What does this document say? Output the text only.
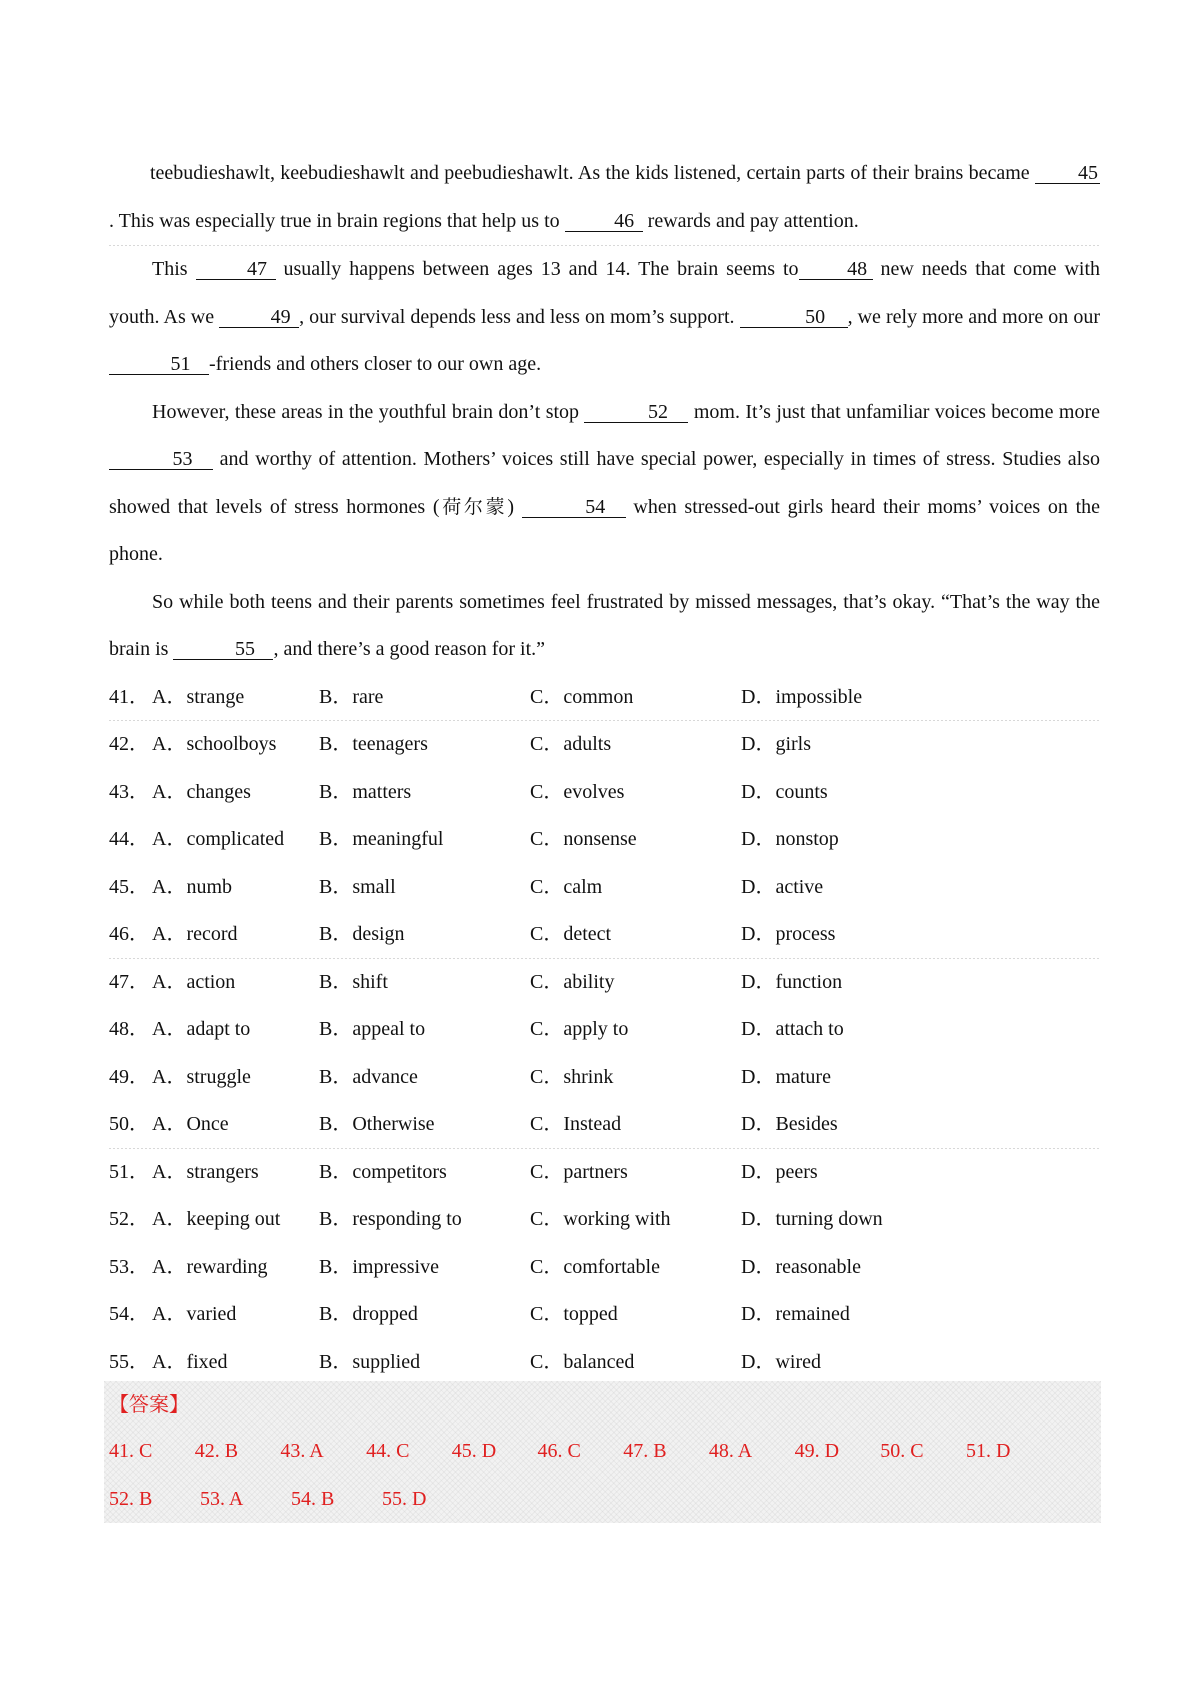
teebudieshawlt, keebudieshawlt and peebudieshawlt. As the kids listened, certain parts of their brains became 45. This was especially true in brain regions that help us to	46 rewards and pay attention.

This	47 usually happens between ages 13 and 14. The brain seems to 48 new needs that come with youth. As we	49 , our survival depends less and less on mom’s support.	50 , we rely more and more on our 51 -friends and others closer to our own age.

However, these areas in the youthful brain don’t stop	52 mom. It’s just that unfamiliar voices become more 53 and worthy of attention. Mothers’ voices still have special power, especially in times of stress. Studies also showed that levels of stress hormones (荷尔蒙)	54 when stressed-out girls heard their moms’ voices on the phone.

So while both teens and their parents sometimes feel frustrated by missed messages, that’s okay. “That’s the way the brain is	55 , and there’s a good reason for it.”

41． A．strange	B．rare	C．common	D．impossible
42． A．schoolboys B．teenagers	C．adults	D．girls
43． A．changes	B．matters	C．evolves	D．counts
44． A．complicated B．meaningful	C．nonsense	D．nonstop
45． A．numb	B．small	C．calm	D．active
46． A．record	B．design	C．detect	D．process
47． A．action	B．shift	C．ability	D．function
48． A．adapt to	B．appeal to	C．apply to	D．attach to
49． A．struggle	B．advance	C．shrink	D．mature
50． A．Once	B．Otherwise	C．Instead	D．Besides
51． A．strangers	B．competitors	C．partners	D．peers
52． A．keeping out B．responding to	C．working with	D．turning down
53． A．rewarding	B．impressive	C．comfortable	D．reasonable
54． A．varied	B．dropped	C．topped	D．remained
55． A．fixed	B．supplied	C．balanced	D．wired
【答案】
41. C 42. B 43. A 44. C 45. D 46. C 47. B 48. A 49. D 50. C 51. D
52. B 53. A 54. B 55. D
